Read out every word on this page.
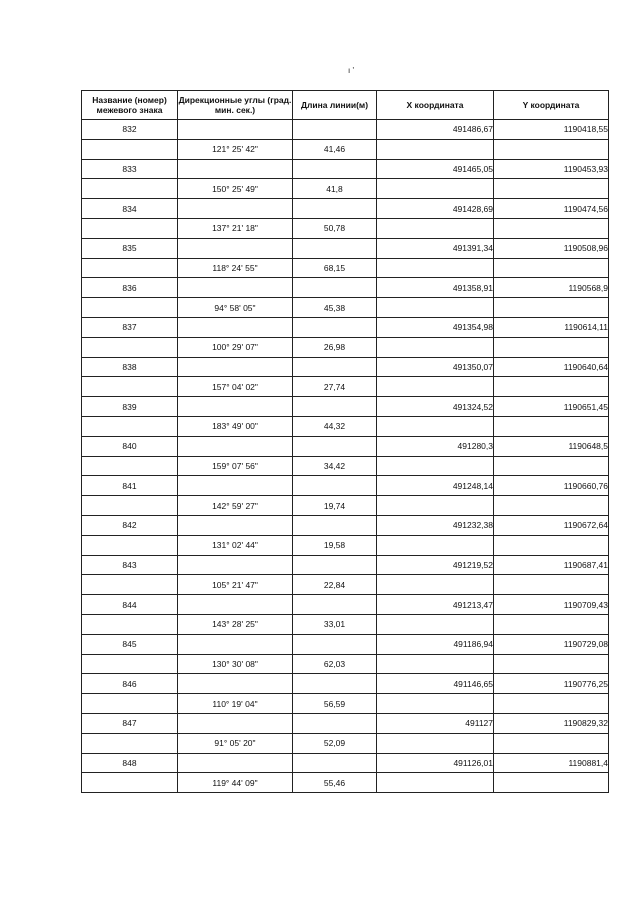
ı '
Название (номер) межевого знака	Дирекционные углы (град. мин. сек.)	Длина линии(м)	X координата	Y координата
832			491486,67	1190418,55
	121° 25' 42"	41,46		
833			491465,05	1190453,93
	150° 25' 49"	41,8		
834			491428,69	1190474,56
	137° 21' 18"	50,78		
835			491391,34	1190508,96
	118° 24' 55"	68,15		
836			491358,91	1190568,9
	94° 58' 05"	45,38		
837			491354,98	1190614,11
	100° 29' 07"	26,98		
838			491350,07	1190640,64
	157° 04' 02"	27,74		
839			491324,52	1190651,45
	183° 49' 00"	44,32		
840			491280,3	1190648,5
	159° 07' 56"	34,42		
841			491248,14	1190660,76
	142° 59' 27"	19,74		
842			491232,38	1190672,64
	131° 02' 44"	19,58		
843			491219,52	1190687,41
	105° 21' 47"	22,84		
844			491213,47	1190709,43
	143° 28' 25"	33,01		
845			491186,94	1190729,08
	130° 30' 08"	62,03		
846			491146,65	1190776,25
	110° 19' 04"	56,59		
847			491127	1190829,32
	91° 05' 20"	52,09		
848			491126,01	1190881,4
	119° 44' 09"	55,46		
